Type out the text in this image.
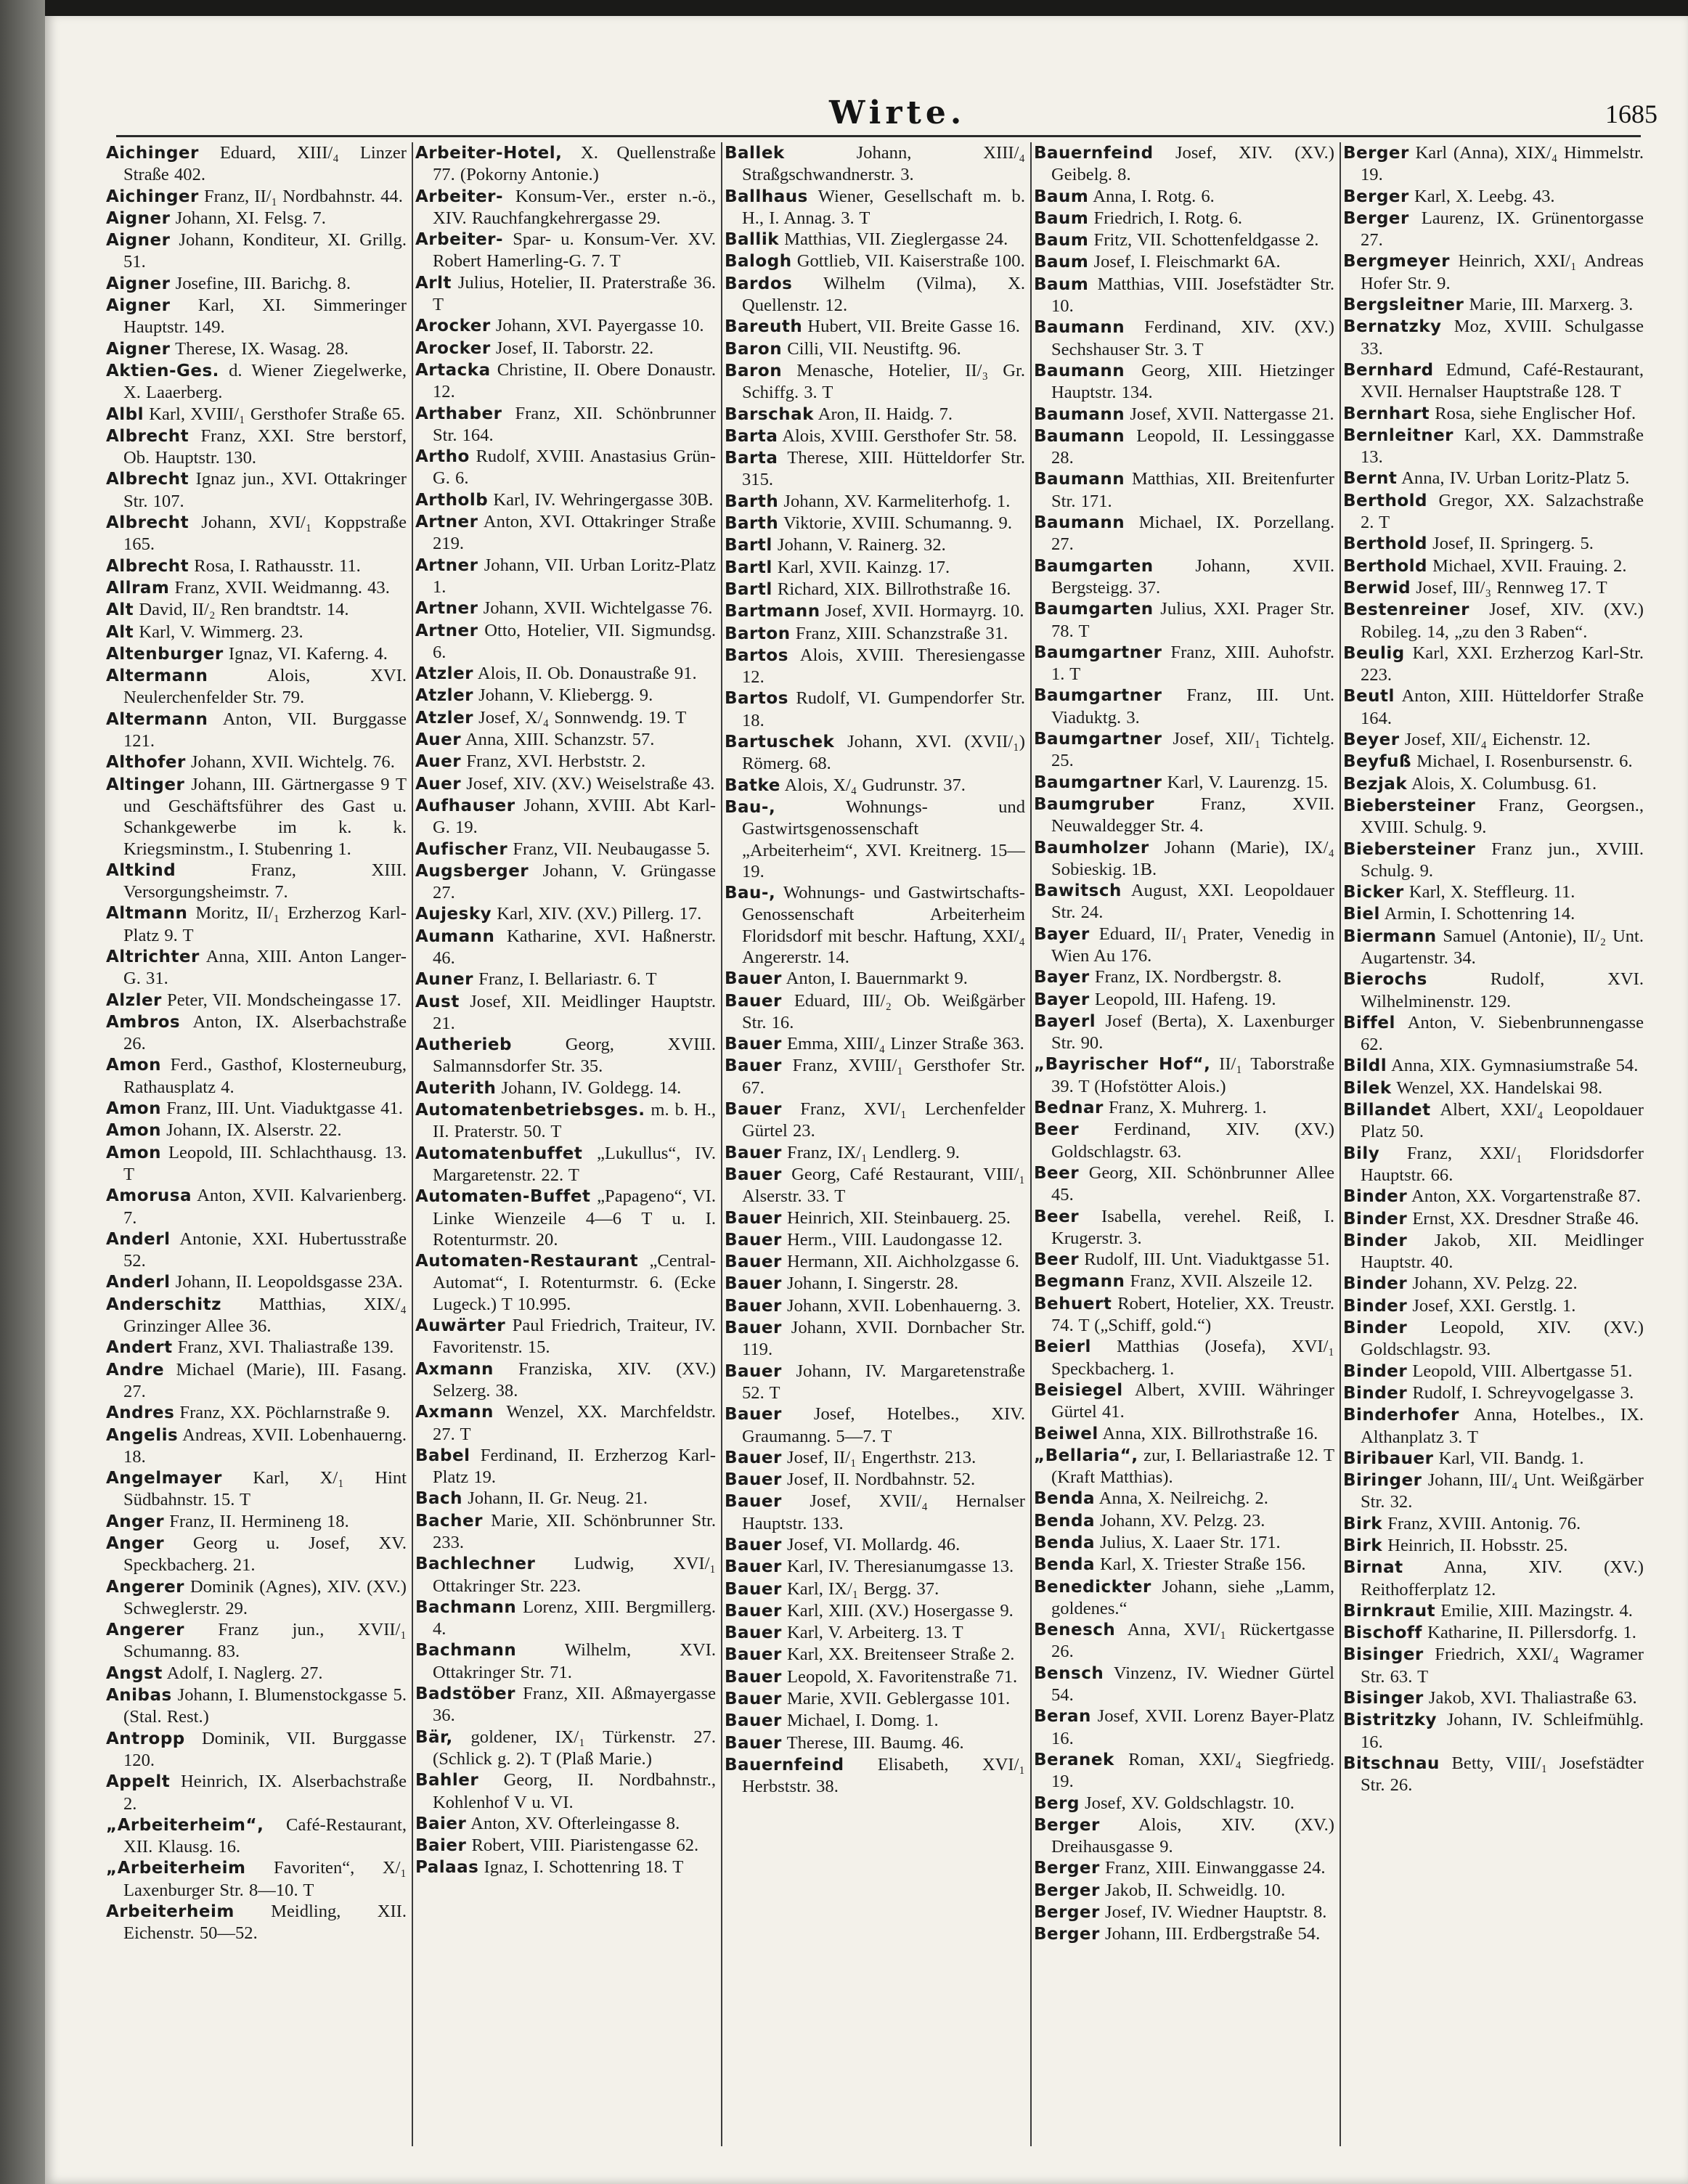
Wirte.	1685
Aichinger Eduard, XIII/₄ Linzer Straße 402.
Aichinger Franz, II/₁ Nordbahnstr. 44.
Aigner Johann, XI. Felsg. 7.
Aigner Johann, Konditeur, XI. Grillg. 51.
Aigner Josefine, III. Barichg. 8.
Aigner Karl, XI. Simmeringer Hauptstr. 149.
Aigner Therese, IX. Wasag. 28.
Aktien-Ges. d. Wiener Ziegelwerke, X. Laaerberg.
Albl Karl, XVIII/₁ Gersthofer Straße 65.
Albrecht Franz, XXI. Stre berstorf, Ob. Hauptstr. 130.
Albrecht Ignaz jun., XVI. Ottakringer Str. 107.
Albrecht Johann, XVI/₁ Koppstraße 165.
Albrecht Rosa, I. Rathausstr. 11.
Allram Franz, XVII. Weidmanng. 43.
Alt David, II/₂ Ren brandtstr. 14.
Alt Karl, V. Wimmerg. 23.
Altenburger Ignaz, VI. Kaferng. 4.
Altermann Alois, XVI. Neulerchenfelder Str. 79.
Altermann Anton, VII. Burggasse 121.
Althofer Johann, XVII. Wichtelg. 76.
Altinger Johann, III. Gärtnergasse 9 T und Geschäftsführer des Gast u. Schankgewerbe im k. k. Kriegsminstm., I. Stubenring 1.
Altkind Franz, XIII. Versorgungsheimstr. 7.
Altmann Moritz, II/₁ Erzherzog Karl-Platz 9. T
Altrichter Anna, XIII. Anton Langer-G. 31.
Alzler Peter, VII. Mondscheingasse 17.
Ambros Anton, IX. Alserbachstraße 26.
Amon Ferd., Gasthof, Klosterneuburg, Rathausplatz 4.
Amon Franz, III. Unt. Viaduktgasse 41.
Amon Johann, IX. Alserstr. 22.
Amon Leopold, III. Schlachthausg. 13. T
Amorusa Anton, XVII. Kalvarienberg. 7.
Anderl Antonie, XXI. Hubertusstraße 52.
Anderl Johann, II. Leopoldsgasse 23A.
Anderschitz Matthias, XIX/₄ Grinzinger Allee 36.
Andert Franz, XVI. Thaliastraße 139.
Andre Michael (Marie), III. Fasang. 27.
Andres Franz, XX. Pöchlarnstraße 9.
Angelis Andreas, XVII. Lobenhauerng. 18.
Angelmayer Karl, X/₁ Hint Südbahnstr. 15. T
Anger Franz, II. Hermineng 18.
Anger Georg u. Josef, XV. Speckbacherg. 21.
Angerer Dominik (Agnes), XIV. (XV.) Schweglerstr. 29.
Angerer Franz jun., XVII/₁ Schumanng. 83.
Angst Adolf, I. Naglerg. 27.
Anibas Johann, I. Blumenstockgasse 5. (Stal. Rest.)
Antropp Dominik, VII. Burggasse 120.
Appelt Heinrich, IX. Alserbachstraße 2.
„Arbeiterheim“, Café-Restaurant, XII. Klausg. 16.
„Arbeiterheim Favoriten“, X/₁ Laxenburger Str. 8—10. T
Arbeiterheim Meidling, XII. Eichenstr. 50—52.
Arbeiter-Hotel, X. Quellenstraße 77. (Pokorny Antonie.)
Arbeiter- Konsum-Ver., erster n.-ö., XIV. Rauchfangkehrergasse 29.
Arbeiter- Spar- u. Konsum-Ver. XV. Robert Hamerling-G. 7. T
Arlt Julius, Hotelier, II. Praterstraße 36. T
Arocker Johann, XVI. Payergasse 10.
Arocker Josef, II. Taborstr. 22.
Artacka Christine, II. Obere Donaustr. 12.
Arthaber Franz, XII. Schönbrunner Str. 164.
Artho Rudolf, XVIII. Anastasius Grün-G. 6.
Artholb Karl, IV. Wehringergasse 30B.
Artner Anton, XVI. Ottakringer Straße 219.
Artner Johann, VII. Urban Loritz-Platz 1.
Artner Johann, XVII. Wichtelgasse 76.
Artner Otto, Hotelier, VII. Sigmundsg. 6.
Atzler Alois, II. Ob. Donaustraße 91.
Atzler Johann, V. Kliebergg. 9.
Atzler Josef, X/₄ Sonnwendg. 19. T
Auer Anna, XIII. Schanzstr. 57.
Auer Franz, XVI. Herbststr. 2.
Auer Josef, XIV. (XV.) Weiselstraße 43.
Aufhauser Johann, XVIII. Abt Karl-G. 19.
Aufischer Franz, VII. Neubaugasse 5.
Augsberger Johann, V. Grüngasse 27.
Aujesky Karl, XIV. (XV.) Pillerg. 17.
Aumann Katharine, XVI. Haßnerstr. 46.
Auner Franz, I. Bellariastr. 6. T
Aust Josef, XII. Meidlinger Hauptstr. 21.
Autherieb Georg, XVIII. Salmannsdorfer Str. 35.
Auterith Johann, IV. Goldegg. 14.
Automatenbetriebsges. m. b. H., II. Praterstr. 50. T
Automatenbuffet „Lukullus“, IV. Margaretenstr. 22. T
Automaten-Buffet „Papageno“, VI. Linke Wienzeile 4—6 T u. I. Rotenturmstr. 20.
Automaten-Restaurant „Central-Automat“, I. Rotenturmstr. 6. (Ecke Lugeck.) T 10.995.
Auwärter Paul Friedrich, Traiteur, IV. Favoritenstr. 15.
Axmann Franziska, XIV. (XV.) Selzerg. 38.
Axmann Wenzel, XX. Marchfeldstr. 27. T
Babel Ferdinand, II. Erzherzog Karl-Platz 19.
Bach Johann, II. Gr. Neug. 21.
Bacher Marie, XII. Schönbrunner Str. 233.
Bachlechner Ludwig, XVI/₁ Ottakringer Str. 223.
Bachmann Lorenz, XIII. Bergmillerg. 4.
Bachmann Wilhelm, XVI. Ottakringer Str. 71.
Badstöber Franz, XII. Aßmayergasse 36.
Bär, goldener, IX/₁ Türkenstr. 27. (Schlick g. 2). T (Plaß Marie.)
Bahler Georg, II. Nordbahnstr., Kohlenhof V u. VI.
Baier Anton, XV. Ofterleingasse 8.
Baier Robert, VIII. Piaristengasse 62.
Palaas Ignaz, I. Schottenring 18. T
Ballek Johann, XIII/₄ Straßgschwandnerstr. 3.
Ballhaus Wiener, Gesellschaft m. b. H., I. Annag. 3. T
Ballik Matthias, VII. Zieglergasse 24.
Balogh Gottlieb, VII. Kaiserstraße 100.
Bardos Wilhelm (Vilma), X. Quellenstr. 12.
Bareuth Hubert, VII. Breite Gasse 16.
Baron Cilli, VII. Neustiftg. 96.
Baron Menasche, Hotelier, II/₃ Gr. Schiffg. 3. T
Barschak Aron, II. Haidg. 7.
Barta Alois, XVIII. Gersthofer Str. 58.
Barta Therese, XIII. Hütteldorfer Str. 315.
Barth Johann, XV. Karmeliterhofg. 1.
Barth Viktorie, XVIII. Schumanng. 9.
Bartl Johann, V. Rainerg. 32.
Bartl Karl, XVII. Kainzg. 17.
Bartl Richard, XIX. Billrothstraße 16.
Bartmann Josef, XVII. Hormayrg. 10.
Barton Franz, XIII. Schanzstraße 31.
Bartos Alois, XVIII. Theresiengasse 12.
Bartos Rudolf, VI. Gumpendorfer Str. 18.
Bartuschek Johann, XVI. (XVII/₁) Römerg. 68.
Batke Alois, X/₄ Gudrunstr. 37.
Bau-, Wohnungs- und Gastwirtsgenossenschaft „Arbeiterheim“, XVI. Kreitnerg. 15—19.
Bau-, Wohnungs- und Gastwirtschafts-Genossenschaft Arbeiterheim Floridsdorf mit beschr. Haftung, XXI/₄ Angererstr. 14.
Bauer Anton, I. Bauernmarkt 9.
Bauer Eduard, III/₂ Ob. Weißgärber Str. 16.
Bauer Emma, XIII/₄ Linzer Straße 363.
Bauer Franz, XVIII/₁ Gersthofer Str. 67.
Bauer Franz, XVI/₁ Lerchenfelder Gürtel 23.
Bauer Franz, IX/₁ Lendlerg. 9.
Bauer Georg, Café Restaurant, VIII/₁ Alserstr. 33. T
Bauer Heinrich, XII. Steinbauerg. 25.
Bauer Herm., VIII. Laudongasse 12.
Bauer Hermann, XII. Aichholzgasse 6.
Bauer Johann, I. Singerstr. 28.
Bauer Johann, XVII. Lobenhauerng. 3.
Bauer Johann, XVII. Dornbacher Str. 119.
Bauer Johann, IV. Margaretenstraße 52. T
Bauer Josef, Hotelbes., XIV. Graumanng. 5—7. T
Bauer Josef, II/₁ Engerthstr. 213.
Bauer Josef, II. Nordbahnstr. 52.
Bauer Josef, XVII/₄ Hernalser Hauptstr. 133.
Bauer Josef, VI. Mollardg. 46.
Bauer Karl, IV. Theresianumgasse 13.
Bauer Karl, IX/₁ Bergg. 37.
Bauer Karl, XIII. (XV.) Hosergasse 9.
Bauer Karl, V. Arbeiterg. 13. T
Bauer Karl, XX. Breitenseer Straße 2.
Bauer Leopold, X. Favoritenstraße 71.
Bauer Marie, XVII. Geblergasse 101.
Bauer Michael, I. Domg. 1.
Bauer Therese, III. Baumg. 46.
Bauernfeind Elisabeth, XVI/₁ Herbststr. 38.
Bauernfeind Josef, XIV. (XV.) Geibelg. 8.
Baum Anna, I. Rotg. 6.
Baum Friedrich, I. Rotg. 6.
Baum Fritz, VII. Schottenfeldgasse 2.
Baum Josef, I. Fleischmarkt 6A.
Baum Matthias, VIII. Josefstädter Str. 10.
Baumann Ferdinand, XIV. (XV.) Sechshauser Str. 3. T
Baumann Georg, XIII. Hietzinger Hauptstr. 134.
Baumann Josef, XVII. Nattergasse 21.
Baumann Leopold, II. Lessinggasse 28.
Baumann Matthias, XII. Breitenfurter Str. 171.
Baumann Michael, IX. Porzellang. 27.
Baumgarten Johann, XVII. Bergsteigg. 37.
Baumgarten Julius, XXI. Prager Str. 78. T
Baumgartner Franz, XIII. Auhofstr. 1. T
Baumgartner Franz, III. Unt. Viaduktg. 3.
Baumgartner Josef, XII/₁ Tichtelg. 25.
Baumgartner Karl, V. Laurenzg. 15.
Baumgruber Franz, XVII. Neuwaldegger Str. 4.
Baumholzer Johann (Marie), IX/₄ Sobieskig. 1B.
Bawitsch August, XXI. Leopoldauer Str. 24.
Bayer Eduard, II/₁ Prater, Venedig in Wien Au 176.
Bayer Franz, IX. Nordbergstr. 8.
Bayer Leopold, III. Hafeng. 19.
Bayerl Josef (Berta), X. Laxenburger Str. 90.
„Bayrischer Hof“, II/₁ Taborstraße 39. T (Hofstötter Alois.)
Bednar Franz, X. Muhrerg. 1.
Beer Ferdinand, XIV. (XV.) Goldschlagstr. 63.
Beer Georg, XII. Schönbrunner Allee 45.
Beer Isabella, verehel. Reiß, I. Krugerstr. 3.
Beer Rudolf, III. Unt. Viaduktgasse 51.
Begmann Franz, XVII. Alszeile 12.
Behuert Robert, Hotelier, XX. Treustr. 74. T („Schiff, gold.“)
Beierl Matthias (Josefa), XVI/₁ Speckbacherg. 1.
Beisiegel Albert, XVIII. Währinger Gürtel 41.
Beiwel Anna, XIX. Billrothstraße 16.
„Bellaria“, zur, I. Bellariastraße 12. T (Kraft Matthias).
Benda Anna, X. Neilreichg. 2.
Benda Johann, XV. Pelzg. 23.
Benda Julius, X. Laaer Str. 171.
Benda Karl, X. Triester Straße 156.
Benedickter Johann, siehe „Lamm, goldenes.“
Benesch Anna, XVI/₁ Rückertgasse 26.
Bensch Vinzenz, IV. Wiedner Gürtel 54.
Beran Josef, XVII. Lorenz Bayer-Platz 16.
Beranek Roman, XXI/₄ Siegfriedg. 19.
Berg Josef, XV. Goldschlagstr. 10.
Berger Alois, XIV. (XV.) Dreihausgasse 9.
Berger Franz, XIII. Einwanggasse 24.
Berger Jakob, II. Schweidlg. 10.
Berger Josef, IV. Wiedner Hauptstr. 8.
Berger Johann, III. Erdbergstraße 54.
Berger Karl (Anna), XIX/₄ Himmelstr. 19.
Berger Karl, X. Leebg. 43.
Berger Laurenz, IX. Grünentorgasse 27.
Bergmeyer Heinrich, XXI/₁ Andreas Hofer Str. 9.
Bergsleitner Marie, III. Marxerg. 3.
Bernatzky Moz, XVIII. Schulgasse 33.
Bernhard Edmund, Café-Restaurant, XVII. Hernalser Hauptstraße 128. T
Bernhart Rosa, siehe Englischer Hof.
Bernleitner Karl, XX. Dammstraße 13.
Bernt Anna, IV. Urban Loritz-Platz 5.
Berthold Gregor, XX. Salzachstraße 2. T
Berthold Josef, II. Springerg. 5.
Berthold Michael, XVII. Frauing. 2.
Berwid Josef, III/₃ Rennweg 17. T
Bestenreiner Josef, XIV. (XV.) Robileg. 14, „zu den 3 Raben“.
Beulig Karl, XXI. Erzherzog Karl-Str. 223.
Beutl Anton, XIII. Hütteldorfer Straße 164.
Beyer Josef, XII/₄ Eichenstr. 12.
Beyfuß Michael, I. Rosenbursenstr. 6.
Bezjak Alois, X. Columbusg. 61.
Biebersteiner Franz, Georgsen., XVIII. Schulg. 9.
Biebersteiner Franz jun., XVIII. Schulg. 9.
Bicker Karl, X. Steffleurg. 11.
Biel Armin, I. Schottenring 14.
Biermann Samuel (Antonie), II/₂ Unt. Augartenstr. 34.
Bierochs Rudolf, XVI. Wilhelminenstr. 129.
Biffel Anton, V. Siebenbrunnengasse 62.
Bildl Anna, XIX. Gymnasiumstraße 54.
Bilek Wenzel, XX. Handelskai 98.
Billandet Albert, XXI/₄ Leopoldauer Platz 50.
Bily Franz, XXI/₁ Floridsdorfer Hauptstr. 66.
Binder Anton, XX. Vorgartenstraße 87.
Binder Ernst, XX. Dresdner Straße 46.
Binder Jakob, XII. Meidlinger Hauptstr. 40.
Binder Johann, XV. Pelzg. 22.
Binder Josef, XXI. Gerstlg. 1.
Binder Leopold, XIV. (XV.) Goldschlagstr. 93.
Binder Leopold, VIII. Albertgasse 51.
Binder Rudolf, I. Schreyvogelgasse 3.
Binderhofer Anna, Hotelbes., IX. Althanplatz 3. T
Biribauer Karl, VII. Bandg. 1.
Biringer Johann, III/₄ Unt. Weißgärber Str. 32.
Birk Franz, XVIII. Antonig. 76.
Birk Heinrich, II. Hobsstr. 25.
Birnat Anna, XIV. (XV.) Reithofferplatz 12.
Birnkraut Emilie, XIII. Mazingstr. 4.
Bischoff Katharine, II. Pillersdorfg. 1.
Bisinger Friedrich, XXI/₄ Wagramer Str. 63. T
Bisinger Jakob, XVI. Thaliastraße 63.
Bistritzky Johann, IV. Schleifmühlg. 16.
Bitschnau Betty, VIII/₁ Josefstädter Str. 26.
